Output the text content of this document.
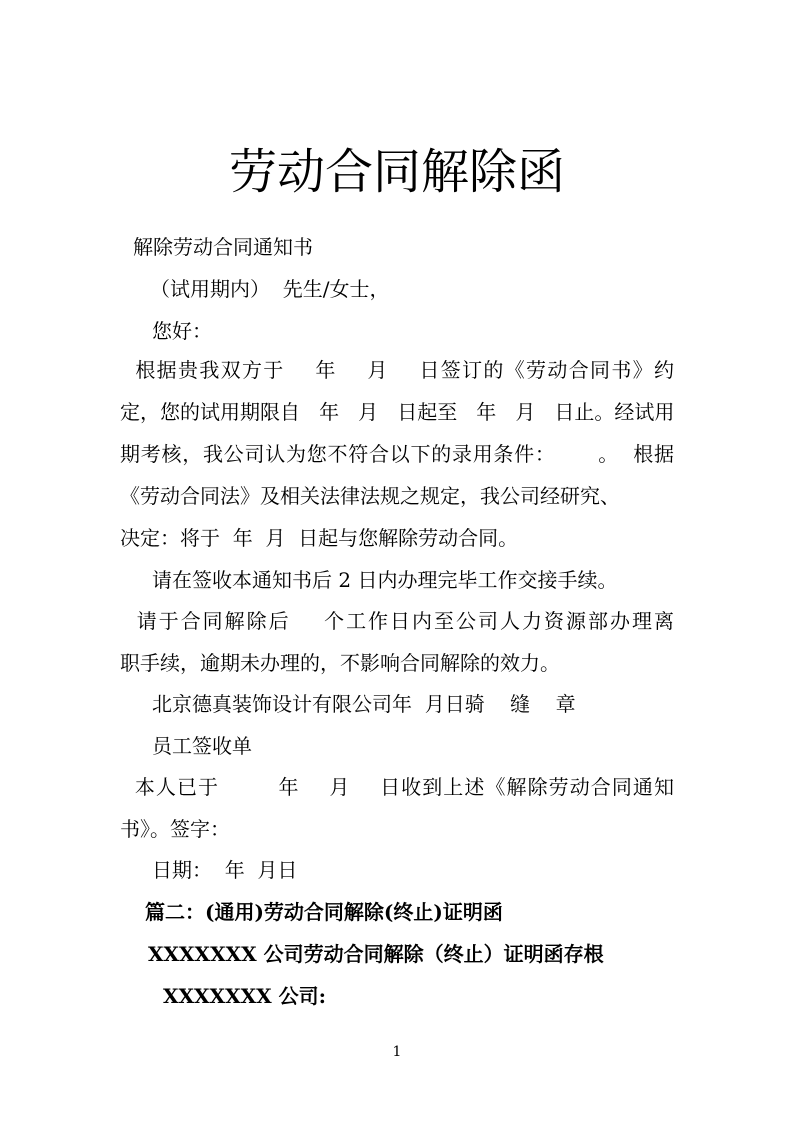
劳动合同解除函

解除劳动合同通知书

（试用期内）  先生/女士，

您好：

根据贵我双方于    年    月    日签订的《劳动合同书》约

定，您的试用期限自   年   月   日起至   年   月   日止。经试用

期考核，我公司认为您不符合以下的录用条件：      。  根据

《劳动合同法》及相关法律法规之规定，我公司经研究、

决定：将于  年  月  日起与您解除劳动合同。

请在签收本通知书后 2 日内办理完毕工作交接手续。

请于合同解除后    个工作日内至公司人力资源部办理离

职手续，逾期未办理的，不影响合同解除的效力。

北京德真装饰设计有限公司年  月日骑    缝    章

员工签收单

本人已于        年    月    日收到上述《解除劳动合同通知

书》。签字：

日期：  年  月日

篇二：(通用)劳动合同解除(终止)证明函

XXXXXXX 公司劳动合同解除（终止）证明函存根

XXXXXXX 公司:

1
